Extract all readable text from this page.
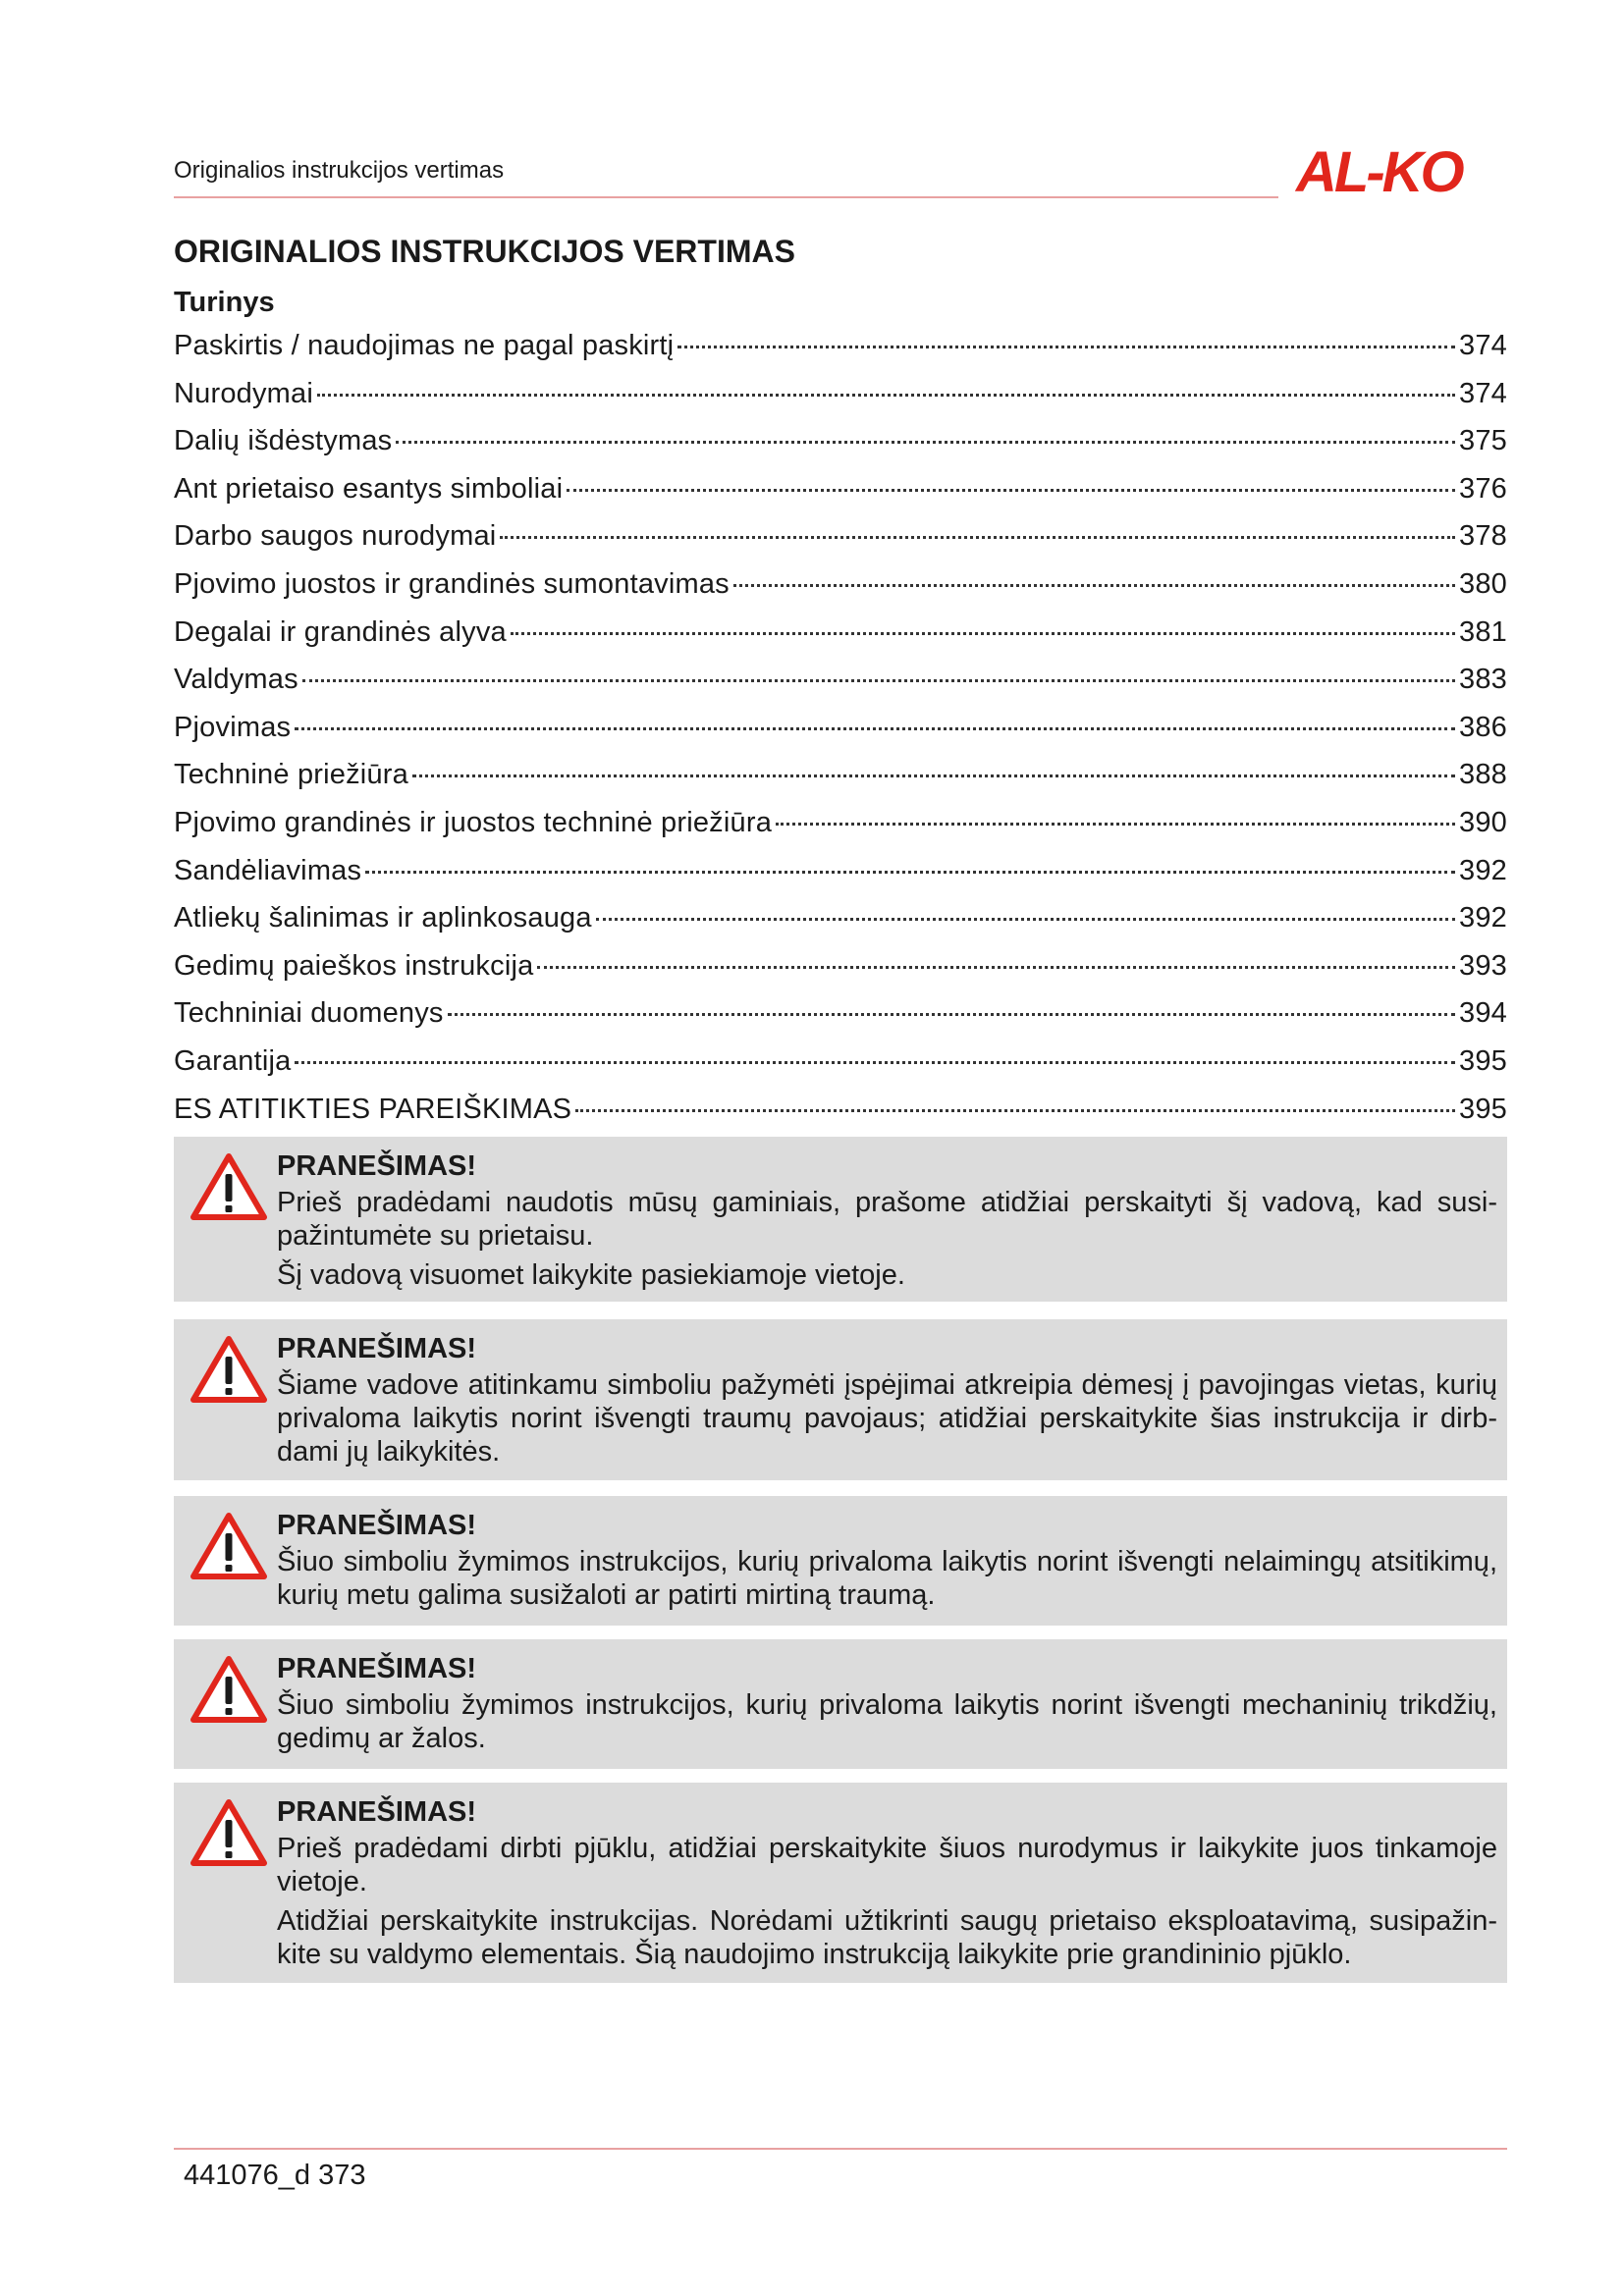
Originalios instrukcijos vertimas	AL-KO
ORIGINALIOS INSTRUKCIJOS VERTIMAS
Turinys
Paskirtis / naudojimas ne pagal paskirtį	374
Nurodymai	374
Dalių išdėstymas	375
Ant prietaiso esantys simboliai	376
Darbo saugos nurodymai	378
Pjovimo juostos ir grandinės sumontavimas	380
Degalai ir grandinės alyva	381
Valdymas	383
Pjovimas	386
Techninė priežiūra	388
Pjovimo grandinės ir juostos techninė priežiūra	390
Sandėliavimas	392
Atliekų šalinimas ir aplinkosauga	392
Gedimų paieškos instrukcija	393
Techniniai duomenys	394
Garantija	395
ES ATITIKTIES PAREIŠKIMAS	395

PRANEŠIMAS!

Prieš pradėdami naudotis mūsų gaminiais, prašome atidžiai perskaityti šį vadovą, kad susi-pažintumėte su prietaisu.

Šį vadovą visuomet laikykite pasiekiamoje vietoje.

PRANEŠIMAS!

Šiame vadove atitinkamu simboliu pažymėti įspėjimai atkreipia dėmesį į pavojingas vietas, kurių privaloma laikytis norint išvengti traumų pavojaus; atidžiai perskaitykite šias instrukcija ir dirb-dami jų laikykitės.

PRANEŠIMAS!

Šiuo simboliu žymimos instrukcijos, kurių privaloma laikytis norint išvengti nelaimingų atsitikimų, kurių metu galima susižaloti ar patirti mirtiną traumą.

PRANEŠIMAS!

Šiuo simboliu žymimos instrukcijos, kurių privaloma laikytis norint išvengti mechaninių trikdžių, gedimų ar žalos.

PRANEŠIMAS!

Prieš pradėdami dirbti pjūklu, atidžiai perskaitykite šiuos nurodymus ir laikykite juos tinkamoje vietoje.

Atidžiai perskaitykite instrukcijas. Norėdami užtikrinti saugų prietaiso eksploatavimą, susipažin-kite su valdymo elementais. Šią naudojimo instrukciją laikykite prie grandininio pjūklo.

441076_d 373
